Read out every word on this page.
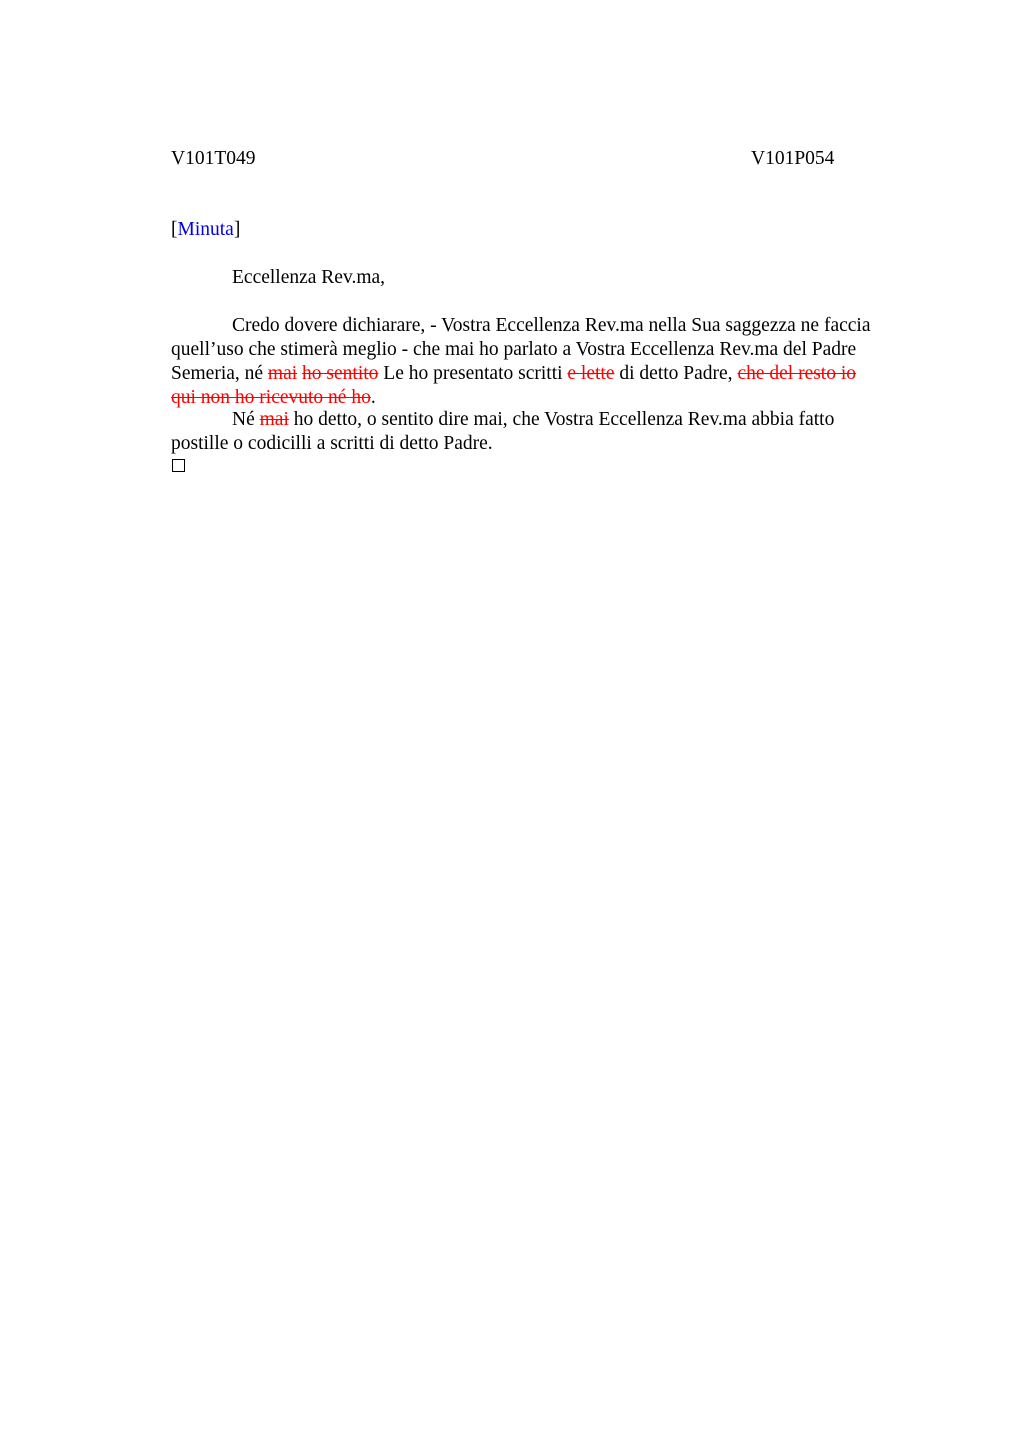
V101T049	V101P054
[Minuta]
Eccellenza Rev.ma,
Credo dovere dichiarare, - Vostra Eccellenza Rev.ma nella Sua saggezza ne faccia
quell’uso che stimerà meglio - che mai ho parlato a Vostra Eccellenza Rev.ma del Padre
Semeria, né mai ho sentito Le ho presentato scritti e lette di detto Padre, che del resto io
qui non ho ricevuto né ho.
Né mai ho detto, o sentito dire mai, che Vostra Eccellenza Rev.ma abbia fatto
postille o codicilli a scritti di detto Padre.
